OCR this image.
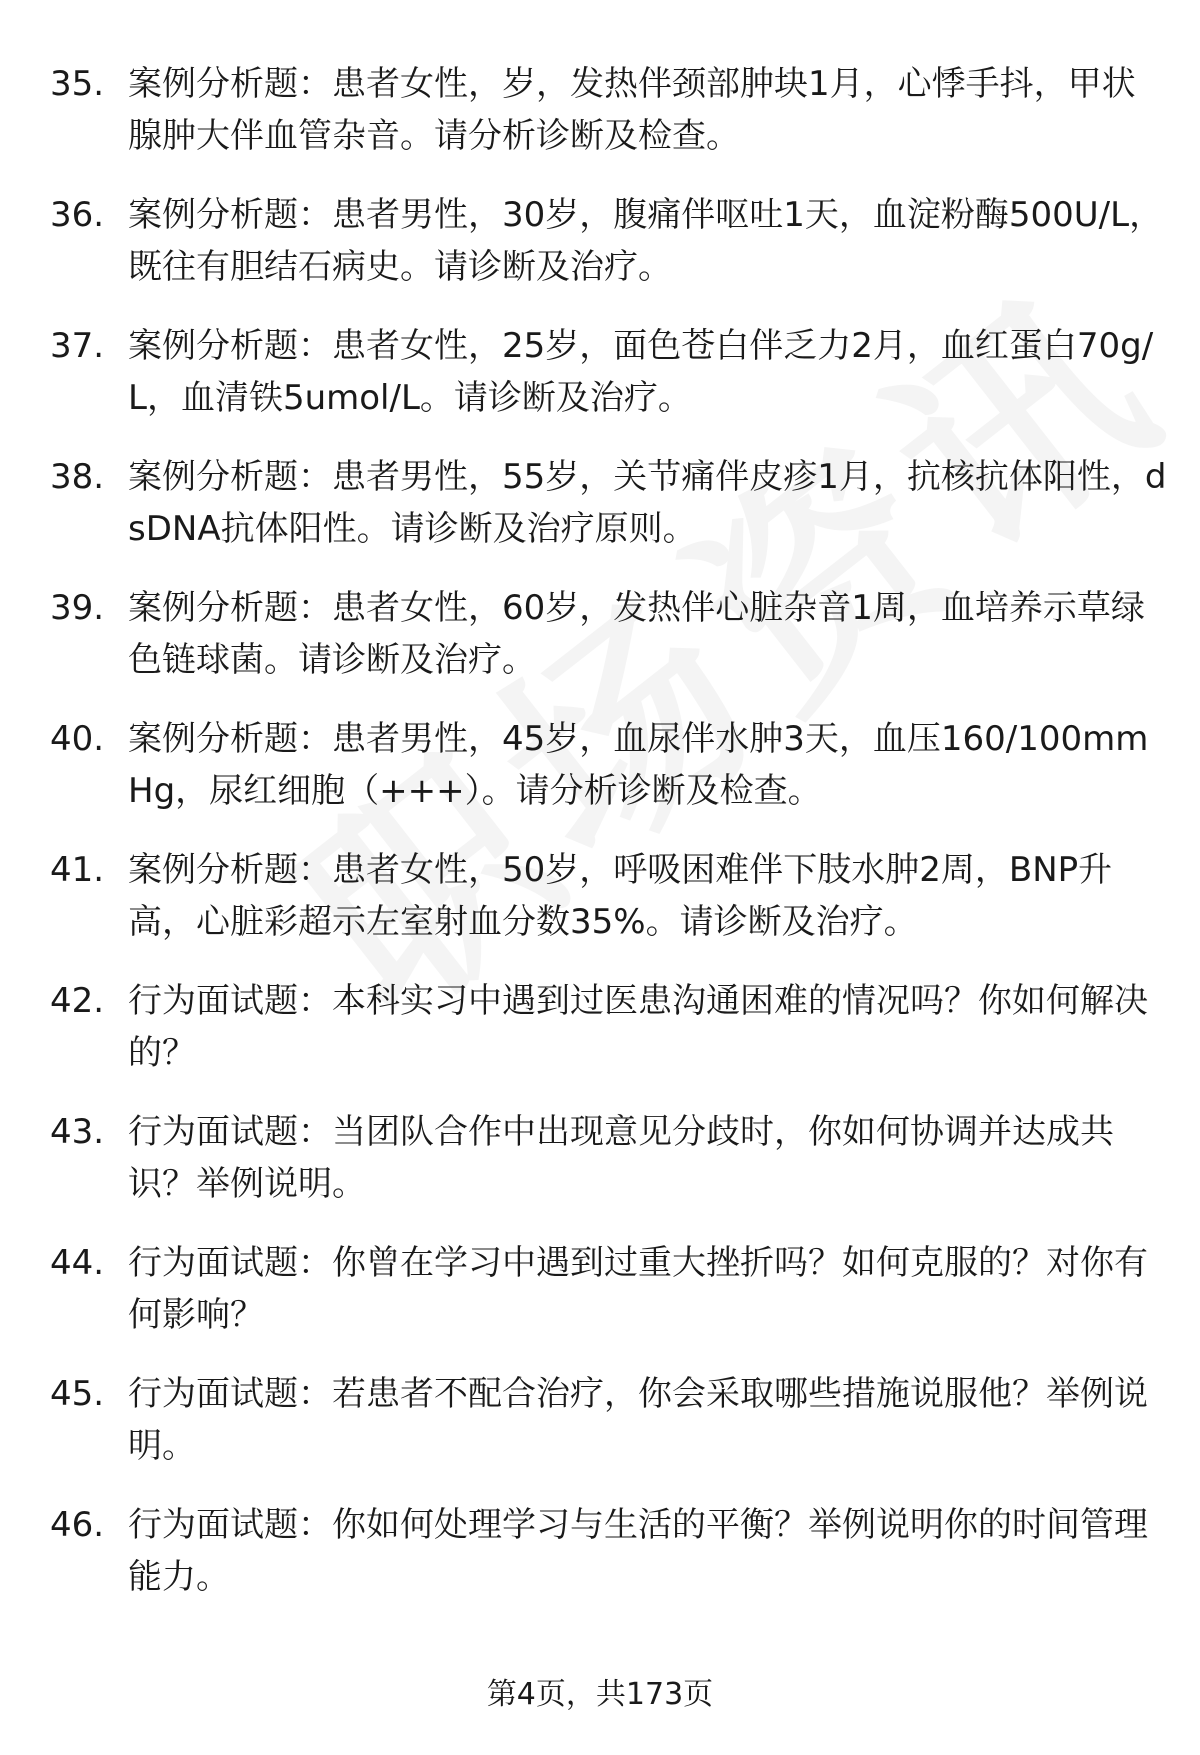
35. 案例分析题：患者女性，岁，发热伴颈部肿块1月，心悸手抖，甲状腺肿大伴血管杂音。请分析诊断及检查。
36. 案例分析题：患者男性，30岁，腹痛伴呕吐1天，血淀粉酶500U/L，既往有胆结石病史。请诊断及治疗。
37. 案例分析题：患者女性，25岁，面色苍白伴乏力2月，血红蛋白70g/L，血清铁5umol/L。请诊断及治疗。
38. 案例分析题：患者男性，55岁，关节痛伴皮疹1月，抗核抗体阳性，dsDNA抗体阳性。请诊断及治疗原则。
39. 案例分析题：患者女性，60岁，发热伴心脏杂音1周，血培养示草绿色链球菌。请诊断及治疗。
40. 案例分析题：患者男性，45岁，血尿伴水肿3天，血压160/100mmHg，尿红细胞（+++）。请分析诊断及检查。
41. 案例分析题：患者女性，50岁，呼吸困难伴下肢水肿2周，BNP升高，心脏彩超示左室射血分数35%。请诊断及治疗。
42. 行为面试题：本科实习中遇到过医患沟通困难的情况吗？你如何解决的？
43. 行为面试题：当团队合作中出现意见分歧时，你如何协调并达成共识？举例说明。
44. 行为面试题：你曾在学习中遇到过重大挫折吗？如何克服的？对你有何影响？
45. 行为面试题：若患者不配合治疗，你会采取哪些措施说服他？举例说明。
46. 行为面试题：你如何处理学习与生活的平衡？举例说明你的时间管理能力。
第4页，共173页
